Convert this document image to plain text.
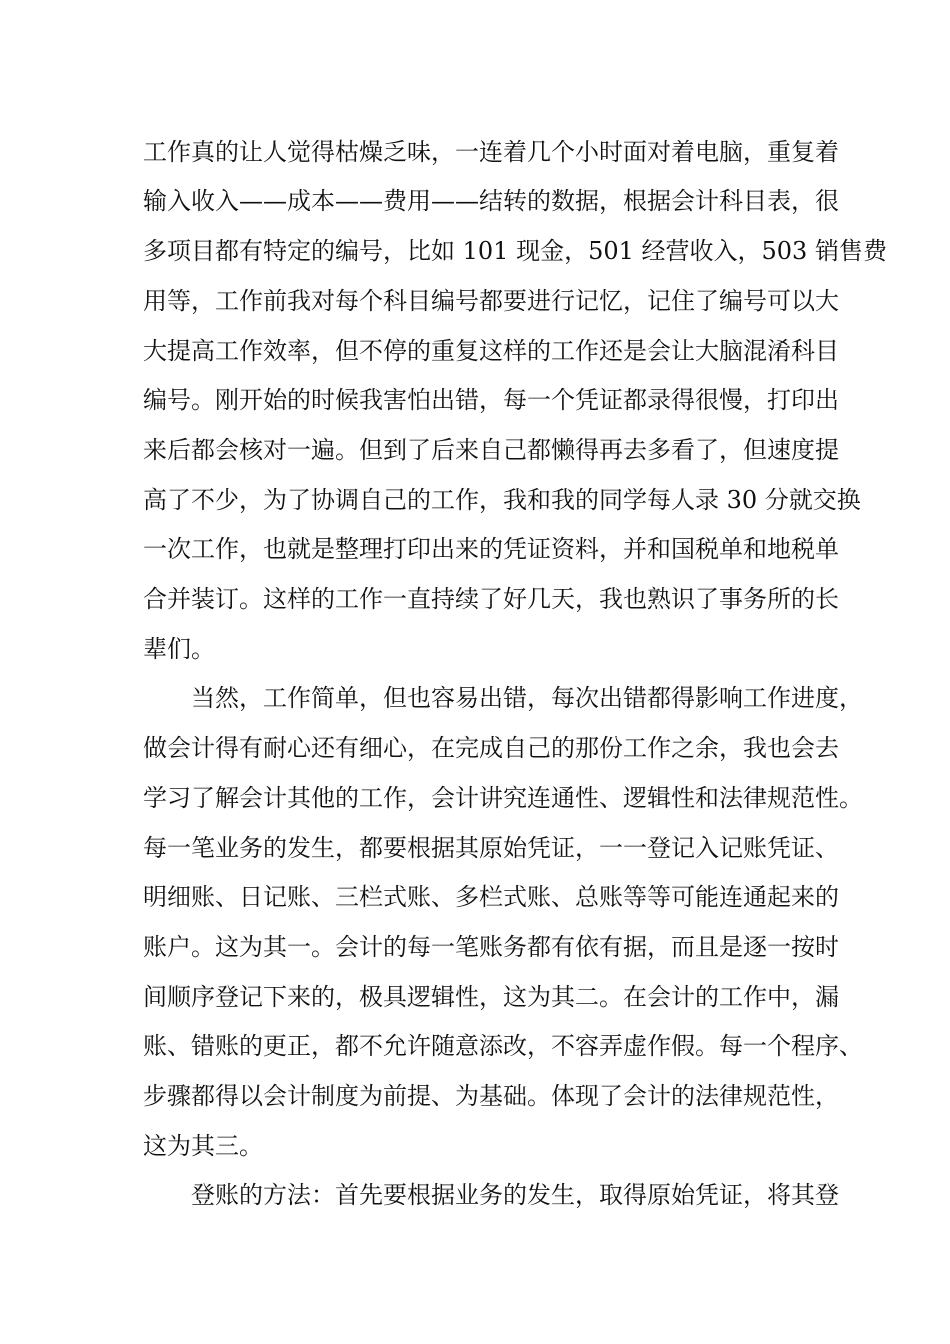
工作真的让人觉得枯燥乏味，一连着几个小时面对着电脑，重复着
输入收入——成本——费用——结转的数据，根据会计科目表，很
多项目都有特定的编号，比如 101 现金，501 经营收入，503 销售费
用等，工作前我对每个科目编号都要进行记忆，记住了编号可以大
大提高工作效率，但不停的重复这样的工作还是会让大脑混淆科目
编号。刚开始的时候我害怕出错，每一个凭证都录得很慢，打印出
来后都会核对一遍。但到了后来自己都懒得再去多看了，但速度提
高了不少，为了协调自己的工作，我和我的同学每人录 30 分就交换
一次工作，也就是整理打印出来的凭证资料，并和国税单和地税单
合并装订。这样的工作一直持续了好几天，我也熟识了事务所的长
辈们。
当然，工作简单，但也容易出错，每次出错都得影响工作进度，
做会计得有耐心还有细心，在完成自己的那份工作之余，我也会去
学习了解会计其他的工作，会计讲究连通性、逻辑性和法律规范性。
每一笔业务的发生，都要根据其原始凭证，一一登记入记账凭证、
明细账、日记账、三栏式账、多栏式账、总账等等可能连通起来的
账户。这为其一。会计的每一笔账务都有依有据，而且是逐一按时
间顺序登记下来的，极具逻辑性，这为其二。在会计的工作中，漏
账、错账的更正，都不允许随意添改，不容弄虚作假。每一个程序、
步骤都得以会计制度为前提、为基础。体现了会计的法律规范性，
这为其三。
登账的方法：首先要根据业务的发生，取得原始凭证，将其登
